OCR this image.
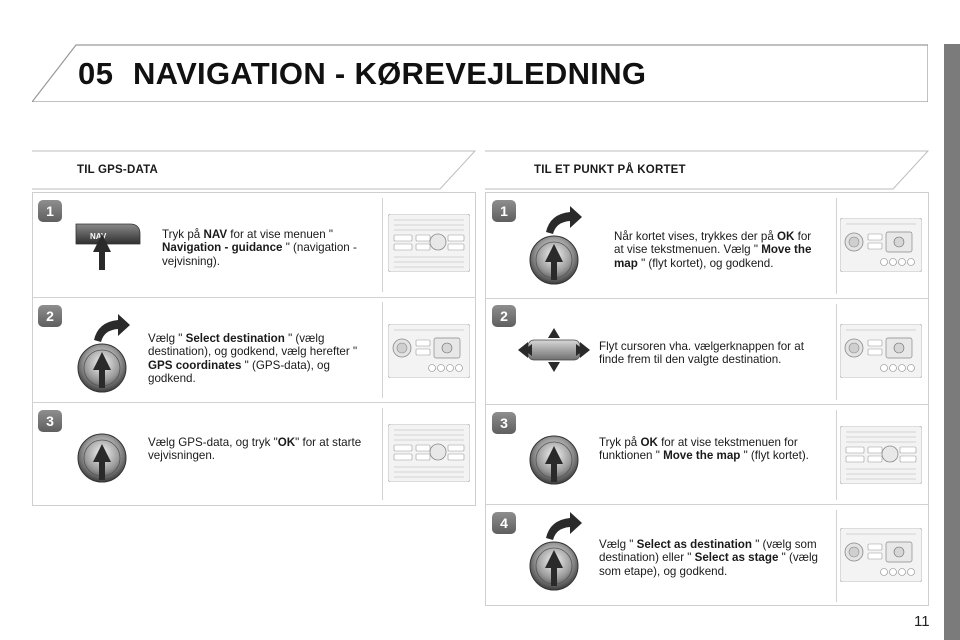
05 NAVIGATION - KØREVEJLEDNING
11
TIL GPS-DATA	TIL ET PUNKT PÅ KORTET
1
NAV	Tryk på NAV for at vise menuen " Navigation - guidance " (navigation - vejvisning).
2
Vælg " Select destination " (vælg destination), og godkend, vælg herefter " GPS coordinates " (GPS-data), og godkend.
3
Vælg GPS-data, og tryk "OK" for at starte vejvisningen.
1
Når kortet vises, trykkes der på OK for at vise tekstmenuen. Vælg " Move the map " (flyt kortet), og godkend.
2
Flyt cursoren vha. vælgerknappen for at finde frem til den valgte destination.
3
Tryk på OK for at vise tekstmenuen for funktionen " Move the map " (flyt kortet).
4
Vælg " Select as destination " (vælg som destination) eller " Select as stage " (vælg som etape), og godkend.
